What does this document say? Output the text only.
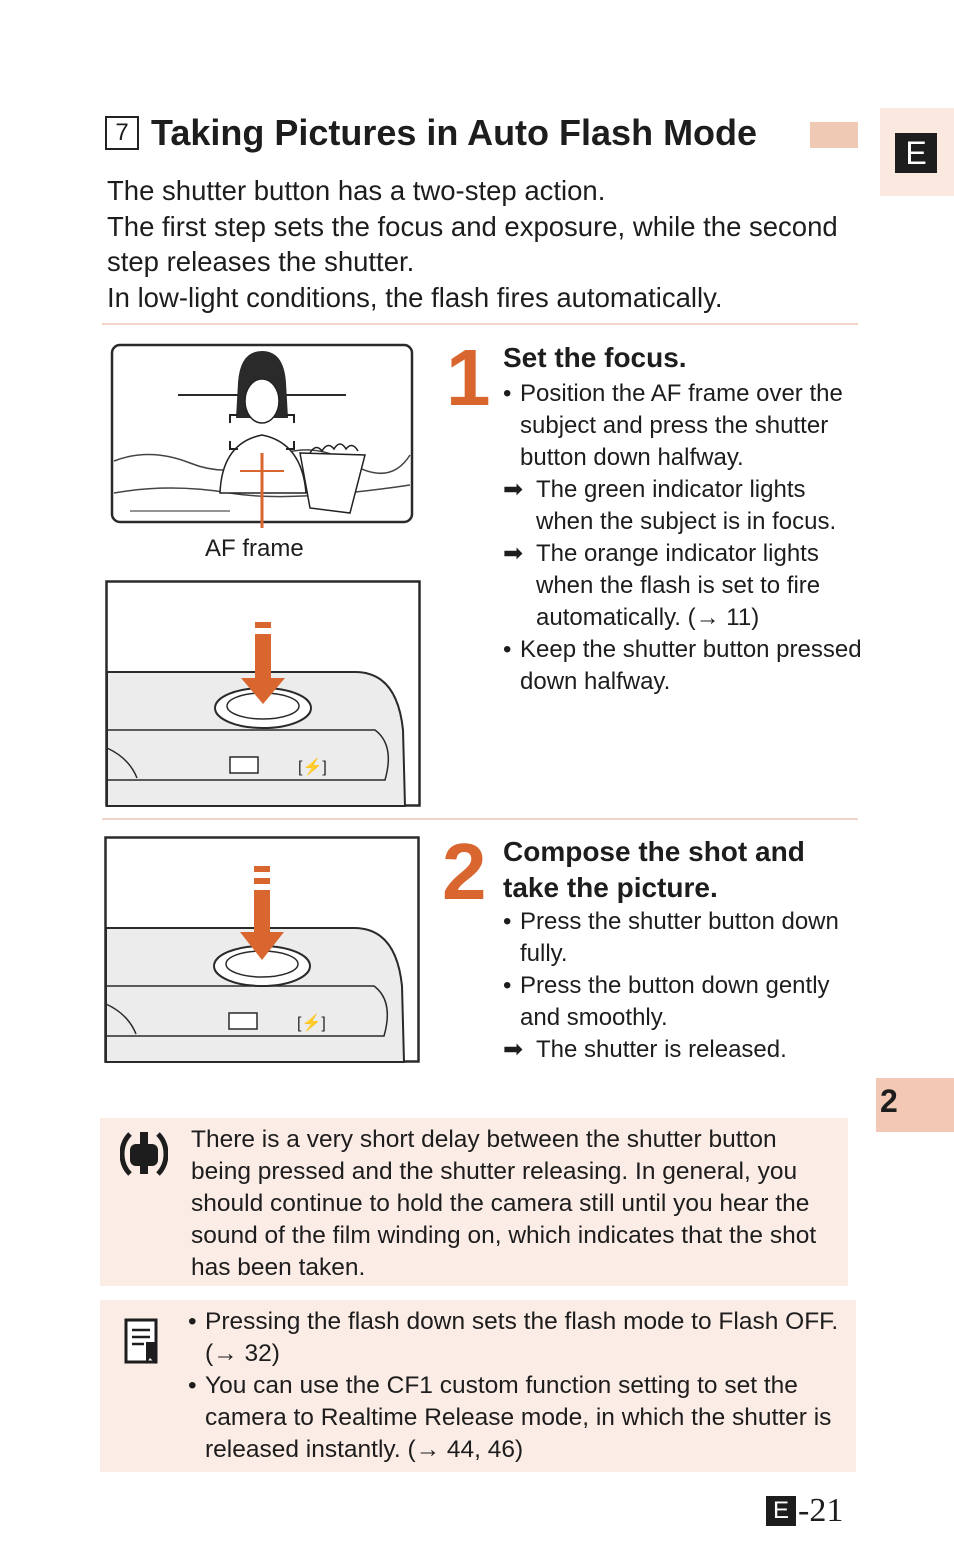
7 Taking Pictures in Auto Flash Mode	E

The shutter button has a two-step action.

The first step sets the focus and exposure, while the second step releases the shutter.

In low-light conditions, the flash fires automatically.

AF frame
[⚡]
1 Set the focus.
• Position the AF frame over the subject and press the shutter button down halfway.
➡ The green indicator lights when the subject is in focus.
➡ The orange indicator lights when the flash is set to fire automatically. (→ 11)
• Keep the shutter button pressed down halfway.
[⚡]
2 Compose the shot and take the picture.
• Press the shutter button down fully.
• Press the button down gently and smoothly.
➡ The shutter is released.
2
There is a very short delay between the shutter button being pressed and the shutter releasing. In general, you should continue to hold the camera still until you hear the sound of the film winding on, which indicates that the shot has been taken.
• Pressing the flash down sets the flash mode to Flash OFF. (→ 32)
• You can use the CF1 custom function setting to set the camera to Realtime Release mode, in which the shutter is released instantly. (→ 44, 46)
E -21
